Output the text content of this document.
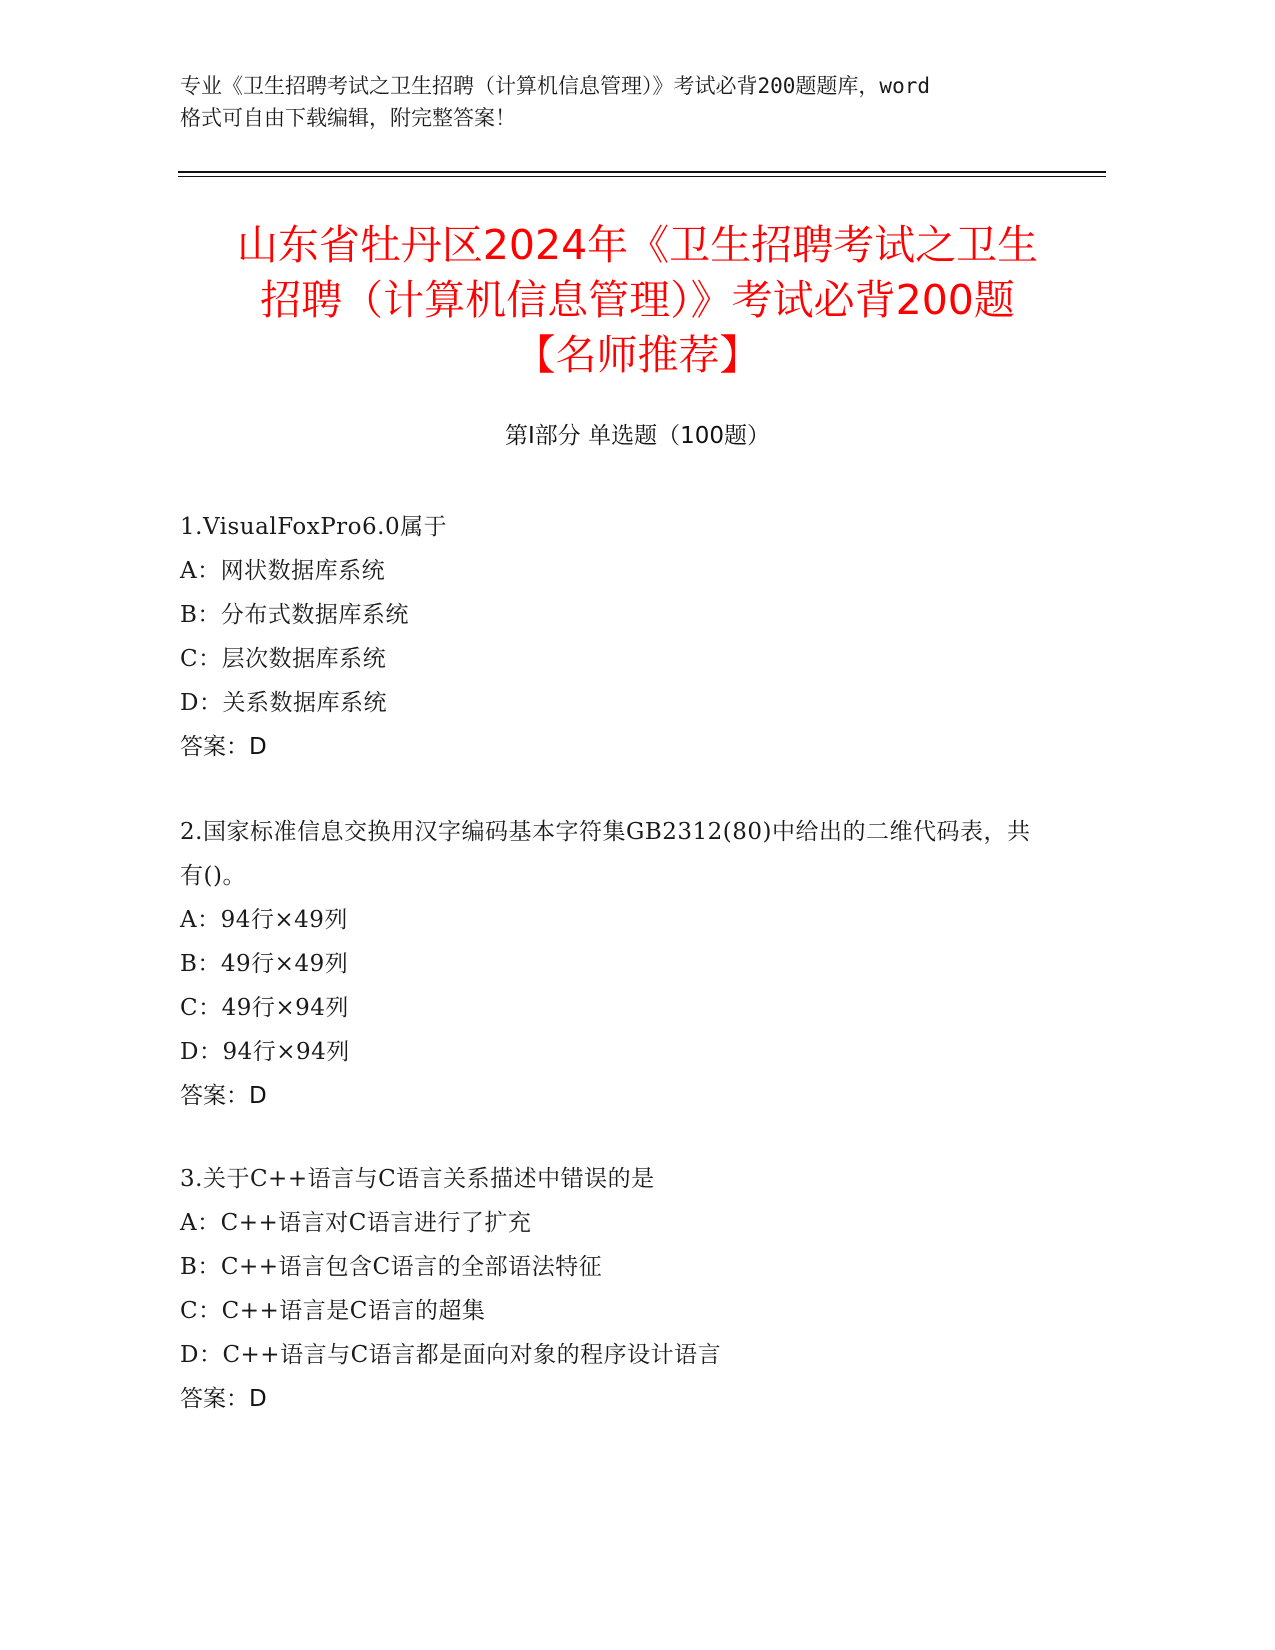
专业《卫生招聘考试之卫生招聘（计算机信息管理）》考试必背200题题库，word
格式可自由下载编辑，附完整答案！
山东省牡丹区2024年《卫生招聘考试之卫生
招聘（计算机信息管理）》考试必背200题
【名师推荐】
第Ⅰ部分 单选题（100题）
1.VisualFoxPro6.0属于
A：网状数据库系统
B：分布式数据库系统
C：层次数据库系统
D：关系数据库系统
答案：D
2.国家标准信息交换用汉字编码基本字符集GB2312(80)中给出的二维代码表，共有()。
A：94行×49列
B：49行×49列
C：49行×94列
D：94行×94列
答案：D
3.关于C++语言与C语言关系描述中错误的是
A：C++语言对C语言进行了扩充
B：C++语言包含C语言的全部语法特征
C：C++语言是C语言的超集
D：C++语言与C语言都是面向对象的程序设计语言
答案：D
